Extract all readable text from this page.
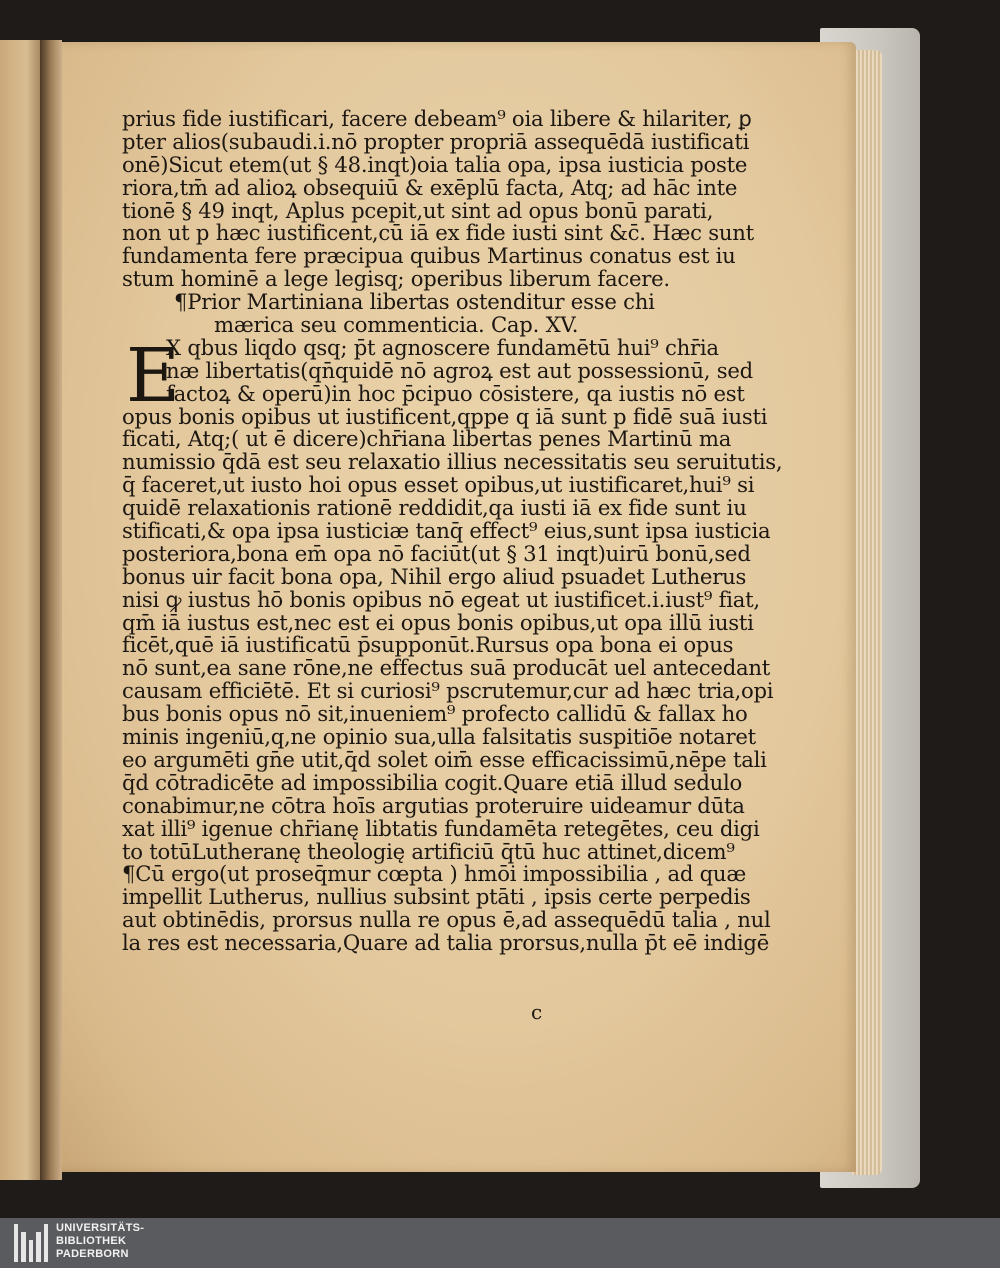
prius fide iustificari, facere debeam⁹ oia libere & hilariter, ꝑ
pter alios(subaudi.i.nō propter propriā assequēdā iustificati
onē)Sicut etem(ut § 48.inqt)oia talia opa, ipsa iusticia poste
riora,tm̄ ad alioꝝ obsequiū & exēplū facta, Atq; ad hāc inte
tionē § 49 inqt, Aplus pcepit,ut sint ad opus bonū parati,
non ut p hæc iustificent,cū iā ex fide iusti sint &c̄. Hæc sunt
fundamenta fere præcipua quibus Martinus conatus est iu
stum hominē a lege legisq; operibus liberum facere.
¶Prior Martiniana libertas ostenditur esse chi
mærica seu commenticia. Cap. XV.
E
X qbus liqdo qsq; p̄t agnoscere fundamētū hui⁹ chr̄ia
næ libertatis(qn̄quidē nō agroꝝ est aut possessionū, sed
factoꝝ & operū)in hoc p̄cipuo cōsistere, qa iustis nō est
opus bonis opibus ut iustificent,qppe q iā sunt p fidē suā iusti
ficati, Atq;( ut ē dicere)chr̄iana libertas penes Martinū ma
numissio q̄dā est seu relaxatio illius necessitatis seu seruitutis,
q̄ faceret,ut iusto hoi opus esset opibus,ut iustificaret,hui⁹ si
quidē relaxationis rationē reddidit,qa iusti iā ex fide sunt iu
stificati,& opa ipsa iusticiæ tanq̄ effect⁹ eius,sunt ipsa iusticia
posteriora,bona em̄ opa nō faciūt(ut § 31 inqt)uirū bonū,sed
bonus uir facit bona opa, Nihil ergo aliud psuadet Lutherus
nisi ꝙ iustus hō bonis opibus nō egeat ut iustificet.i.iust⁹ fiat,
qm̄ iā iustus est,nec est ei opus bonis opibus,ut opa illū iusti
ficēt,quē iā iustificatū p̄supponūt.Rursus opa bona ei opus
nō sunt,ea sane rōne,ne effectus suā producāt uel antecedant
causam efficiētē. Et si curiosi⁹ pscrutemur,cur ad hæc tria,opi
bus bonis opus nō sit,inueniem⁹ profecto callidū & fallax ho
minis ingeniū,q,ne opinio sua,ulla falsitatis suspitiōe notaret
eo argumēti gn̄e utit,q̄d solet oim̄ esse efficacissimū,nēpe tali
q̄d cōtradicēte ad impossibilia cogit.Quare etiā illud sedulo
conabimur,ne cōtra hoīs argutias proteruire uideamur dūta
xat illi⁹ igenue chr̄ianę libtatis fundamēta retegētes, ceu digi
to totūLutheranę theologię artificiū q̄tū huc attinet,dicem⁹
¶Cū ergo(ut proseq̄mur cœpta ) hmōi impossibilia , ad quæ
impellit Lutherus, nullius subsint ptāti , ipsis certe perpedis
aut obtinēdis, prorsus nulla re opus ē,ad assequēdū talia , nul
la res est necessaria,Quare ad talia prorsus,nulla p̄t eē indigē
c
UNIVERSITÄTS-
BIBLIOTHEK
PADERBORN
